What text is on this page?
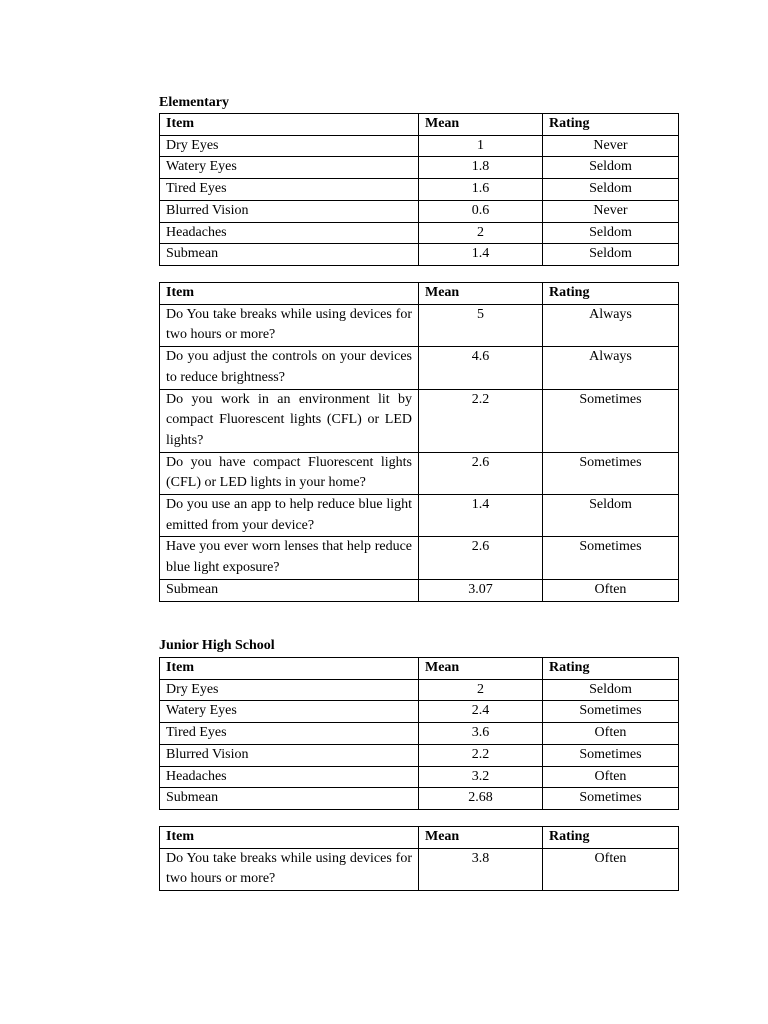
Elementary

Item	Mean	Rating
Dry Eyes	1	Never
Watery Eyes	1.8	Seldom
Tired Eyes	1.6	Seldom
Blurred Vision	0.6	Never
Headaches	2	Seldom
Submean	1.4	Seldom
Item	Mean	Rating
Do You take breaks while using devices for two hours or more?	5	Always
Do you adjust the controls on your devices to reduce brightness?	4.6	Always
Do you work in an environment lit by compact Fluorescent lights (CFL) or LED lights?	2.2	Sometimes
Do you have compact Fluorescent lights (CFL) or LED lights in your home?	2.6	Sometimes
Do you use an app to help reduce blue light emitted from your device?	1.4	Seldom
Have you ever worn lenses that help reduce blue light exposure?	2.6	Sometimes
Submean	3.07	Often

Junior High School

Item	Mean	Rating
Dry Eyes	2	Seldom
Watery Eyes	2.4	Sometimes
Tired Eyes	3.6	Often
Blurred Vision	2.2	Sometimes
Headaches	3.2	Often
Submean	2.68	Sometimes
Item	Mean	Rating
Do You take breaks while using devices for two hours or more?	3.8	Often
